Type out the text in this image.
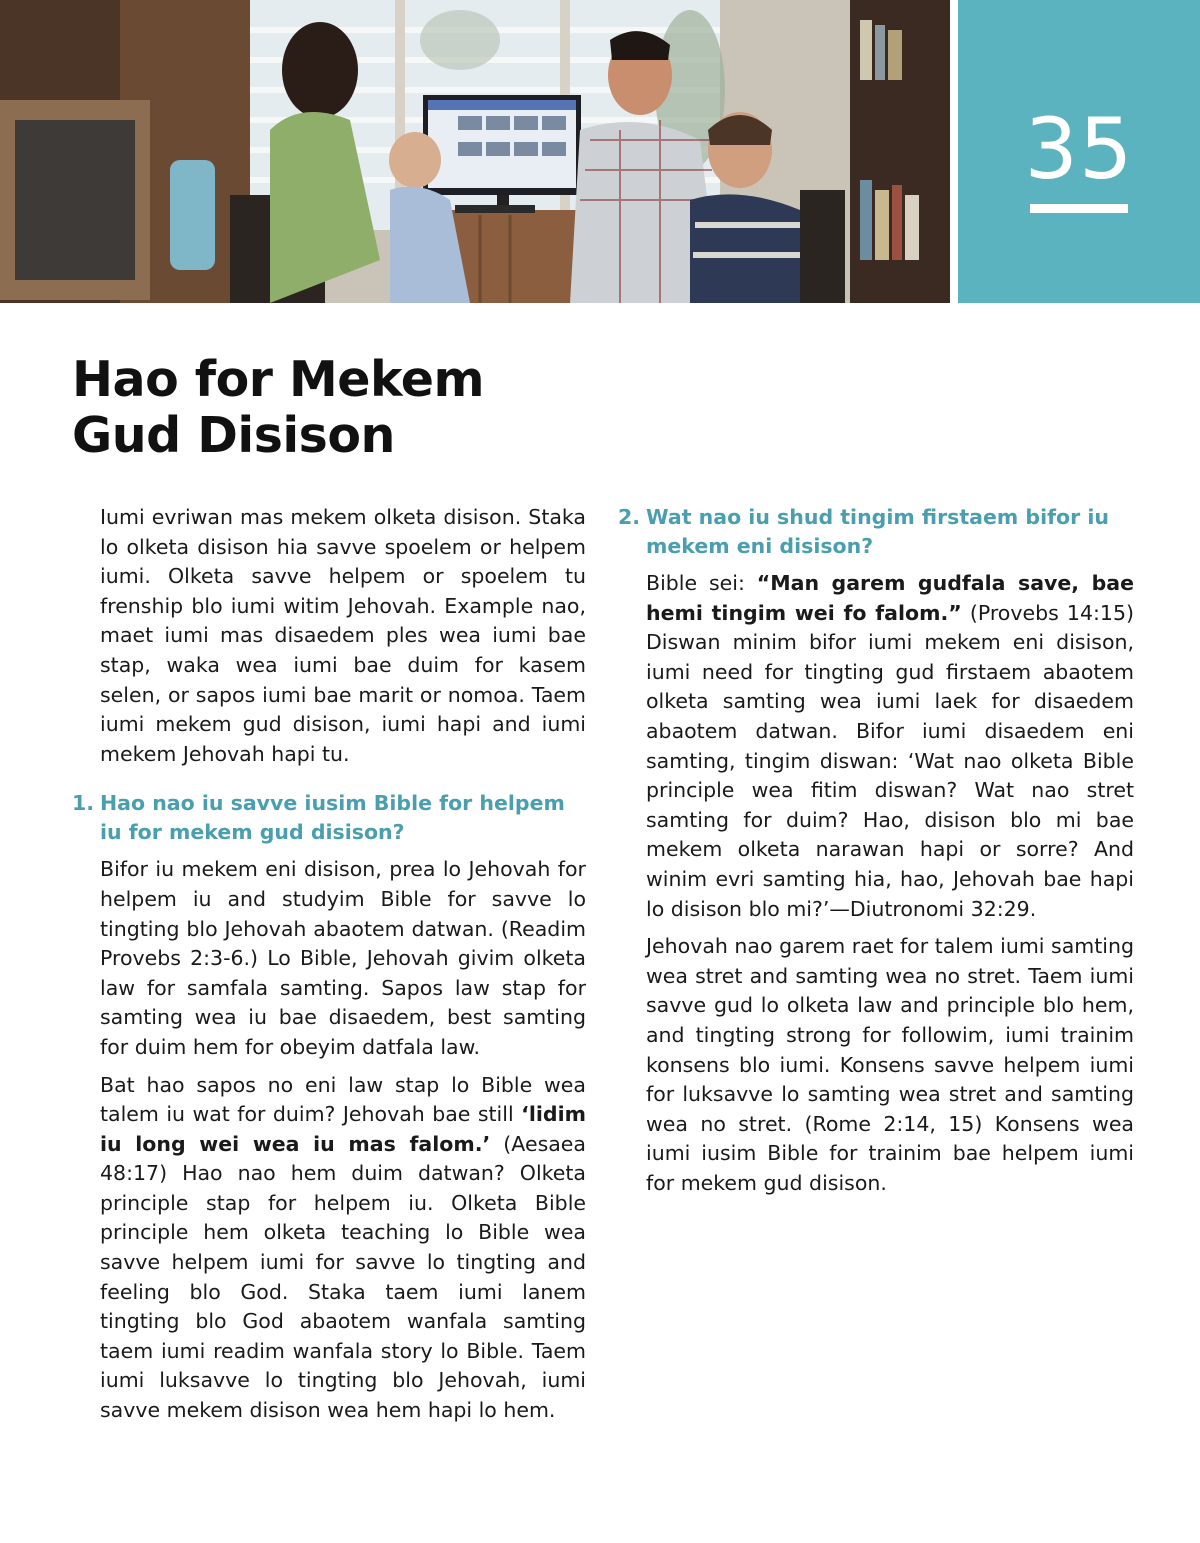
35
Hao for Mekem
Gud Disison

Iumi evriwan mas mekem olketa disison. Staka lo olketa disison hia savve spoelem or helpem iumi. Olketa savve helpem or spoelem tu frenship blo iumi witim Jehovah. Example nao, maet iumi mas disaedem ples wea iumi bae stap, waka wea iumi bae duim for kasem selen, or sapos iumi bae marit or nomoa. Taem iumi mekem gud disison, iumi hapi and iumi mekem Jehovah hapi tu.

1. Hao nao iu savve iusim Bible for helpem iu for mekem gud disison?

Bifor iu mekem eni disison, prea lo Jehovah for helpem iu and studyim Bible for savve lo tingting blo Jehovah abaotem datwan. (Readim Provebs 2:3-6.) Lo Bible, Jehovah givim olketa law for samfala samting. Sapos law stap for samting wea iu bae disaedem, best samting for duim hem for obeyim datfala law.

Bat hao sapos no eni law stap lo Bible wea talem iu wat for duim? Jehovah bae still ‘lidim iu long wei wea iu mas falom.’ (Aesaea 48:17) Hao nao hem duim datwan? Olketa principle stap for helpem iu. Olketa Bible principle hem olketa teaching lo Bible wea savve helpem iumi for savve lo tingting and feeling blo God. Staka taem iumi lanem tingting blo God abaotem wanfala samting taem iumi readim wanfala story lo Bible. Taem iumi luksavve lo tingting blo Jehovah, iumi savve mekem disison wea hem hapi lo hem.

2. Wat nao iu shud tingim firstaem bifor iu mekem eni disison?

Bible sei: “Man garem gudfala save, bae hemi tingim wei fo falom.” (Provebs 14:15) Diswan minim bifor iumi mekem eni disison, iumi need for tingting gud firstaem abaotem olketa samting wea iumi laek for disaedem abaotem datwan. Bifor iumi disaedem eni samting, tingim diswan: ‘Wat nao olketa Bible principle wea fitim diswan? Wat nao stret samting for duim? Hao, disison blo mi bae mekem olketa narawan hapi or sorre? And winim evri samting hia, hao, Jehovah bae hapi lo disison blo mi?’—Diutronomi 32:29.

Jehovah nao garem raet for talem iumi samting wea stret and samting wea no stret. Taem iumi savve gud lo olketa law and principle blo hem, and tingting strong for followim, iumi trainim konsens blo iumi. Konsens savve helpem iumi for luksavve lo samting wea stret and samting wea no stret. (Rome 2:14, 15) Konsens wea iumi iusim Bible for trainim bae helpem iumi for mekem gud disison.
